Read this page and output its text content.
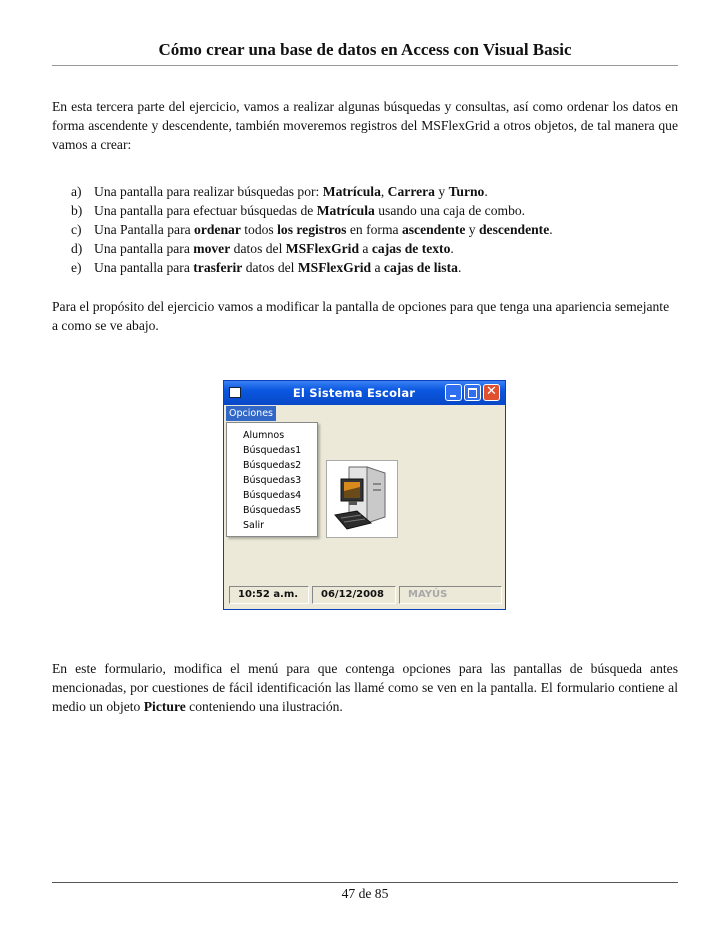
Cómo crear una base de datos en Access con Visual Basic

En esta tercera parte del ejercicio, vamos a realizar algunas búsquedas y consultas, así como ordenar los datos en forma ascendente y descendente, también moveremos registros del MSFlexGrid a otros objetos, de tal manera que vamos a crear:

a) Una pantalla para realizar búsquedas por: Matrícula, Carrera y Turno.
b) Una pantalla para efectuar búsquedas de Matrícula usando una caja de combo.
c) Una Pantalla para ordenar todos los registros en forma ascendente y descendente.
d) Una pantalla para mover datos del MSFlexGrid a cajas de texto.
e) Una pantalla para trasferir datos del MSFlexGrid a cajas de lista.

Para el propósito del ejercicio vamos a modificar la pantalla de opciones para que tenga una apariencia semejante a como se ve abajo.

El Sistema Escolar	✕
Opciones
Alumnos
Búsquedas1
Búsquedas2
Búsquedas3
Búsquedas4
Búsquedas5
Salir
10:52 a.m.	06/12/2008	MAYÚS

En este formulario, modifica el menú para que contenga opciones para las pantallas de búsqueda antes mencionadas, por cuestiones de fácil identificación las llamé como se ven en la pantalla. El formulario contiene al medio un objeto Picture conteniendo una ilustración.

47 de 85
